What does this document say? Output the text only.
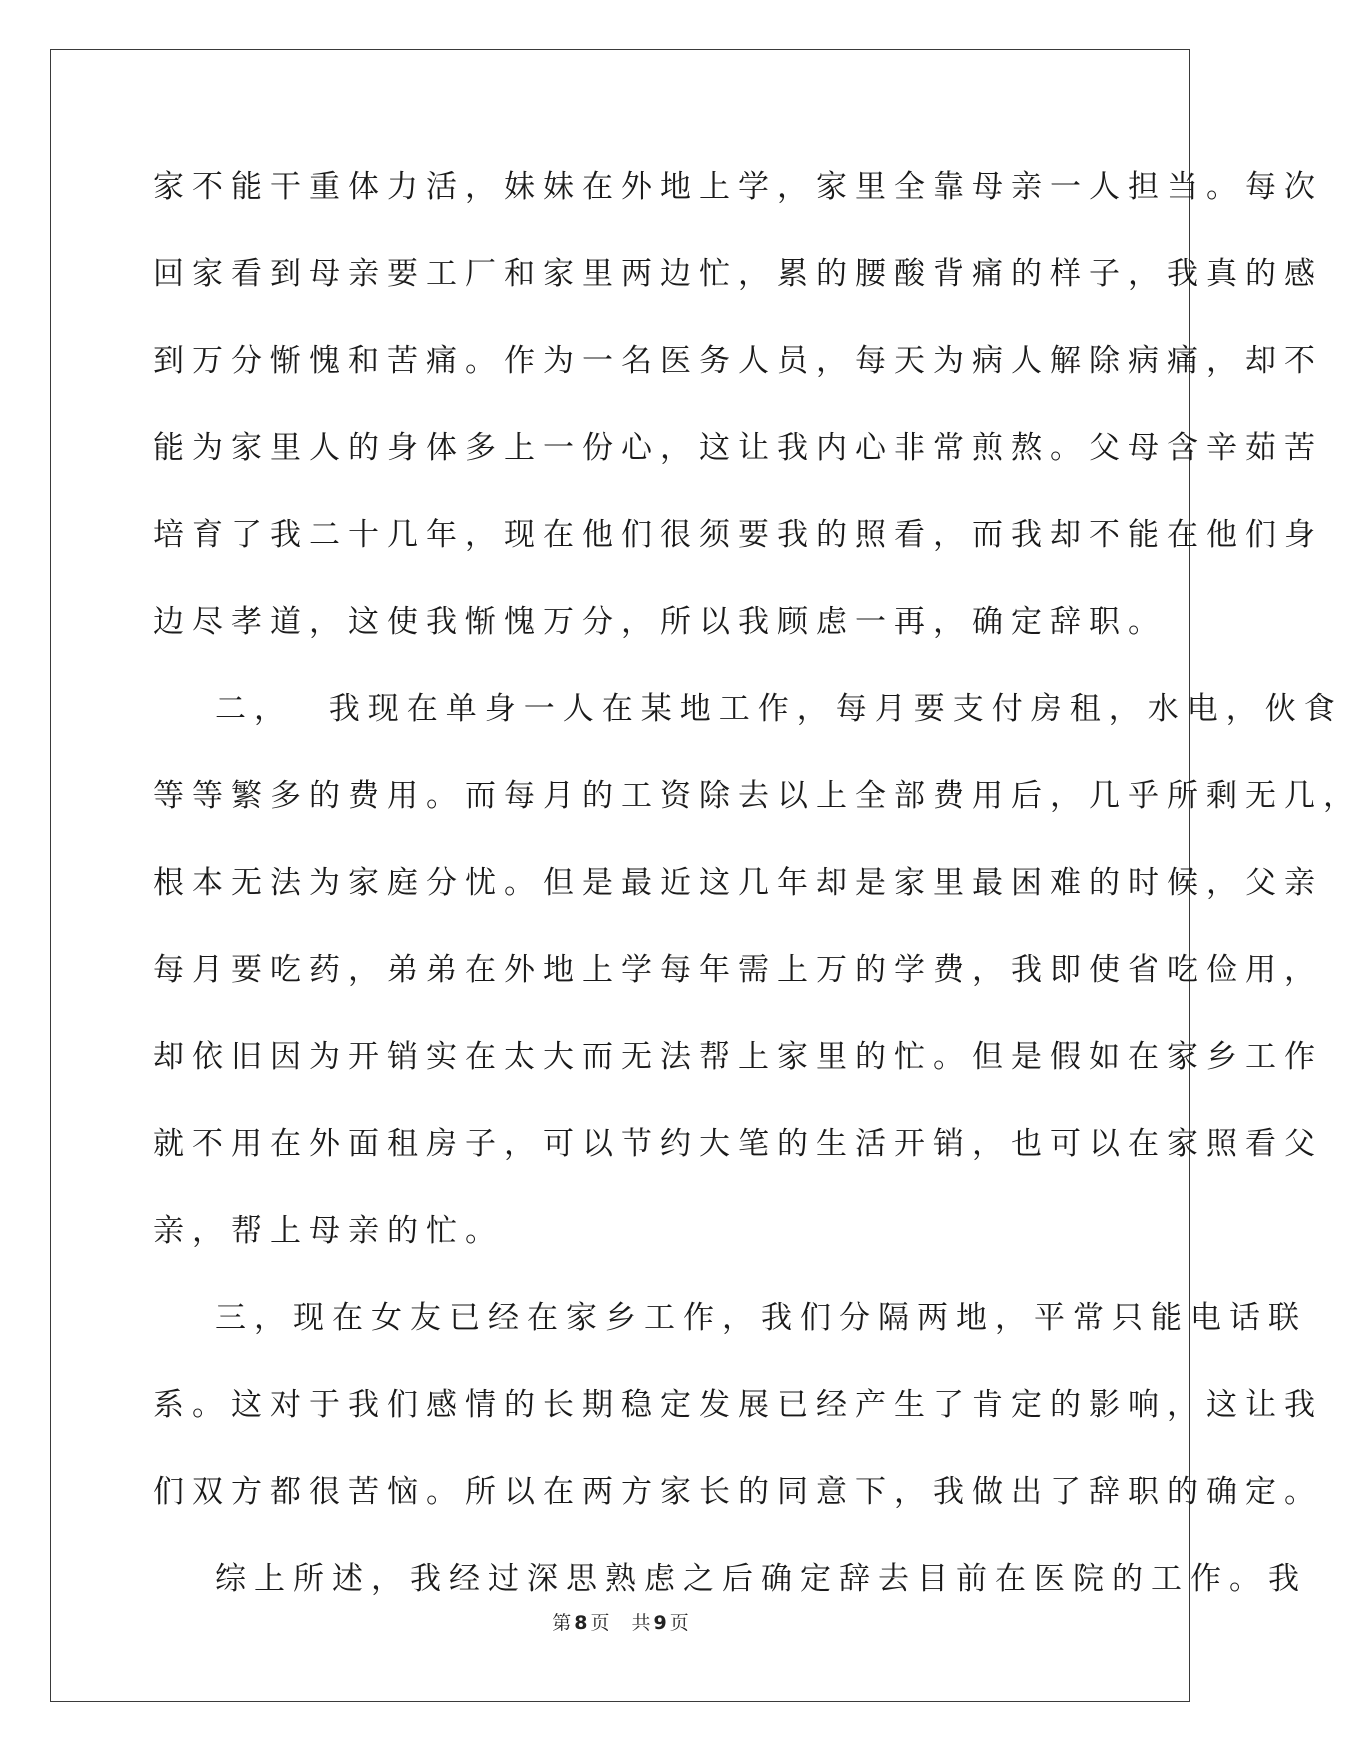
家不能干重体力活，妹妹在外地上学，家里全靠母亲一人担当。每次
回家看到母亲要工厂和家里两边忙，累的腰酸背痛的样子，我真的感
到万分惭愧和苦痛。作为一名医务人员，每天为病人解除病痛，却不
能为家里人的身体多上一份心，这让我内心非常煎熬。父母含辛茹苦
培育了我二十几年，现在他们很须要我的照看，而我却不能在他们身
边尽孝道，这使我惭愧万分，所以我顾虑一再，确定辞职。
二，  我现在单身一人在某地工作，每月要支付房租，水电，伙食
等等繁多的费用。而每月的工资除去以上全部费用后，几乎所剩无几，
根本无法为家庭分忧。但是最近这几年却是家里最困难的时候，父亲
每月要吃药，弟弟在外地上学每年需上万的学费，我即使省吃俭用，
却依旧因为开销实在太大而无法帮上家里的忙。但是假如在家乡工作
就不用在外面租房子，可以节约大笔的生活开销，也可以在家照看父
亲，帮上母亲的忙。
三，现在女友已经在家乡工作，我们分隔两地，平常只能电话联
系。这对于我们感情的长期稳定发展已经产生了肯定的影响，这让我
们双方都很苦恼。所以在两方家长的同意下，我做出了辞职的确定。
综上所述，我经过深思熟虑之后确定辞去目前在医院的工作。我
第 8 页 共 9 页
